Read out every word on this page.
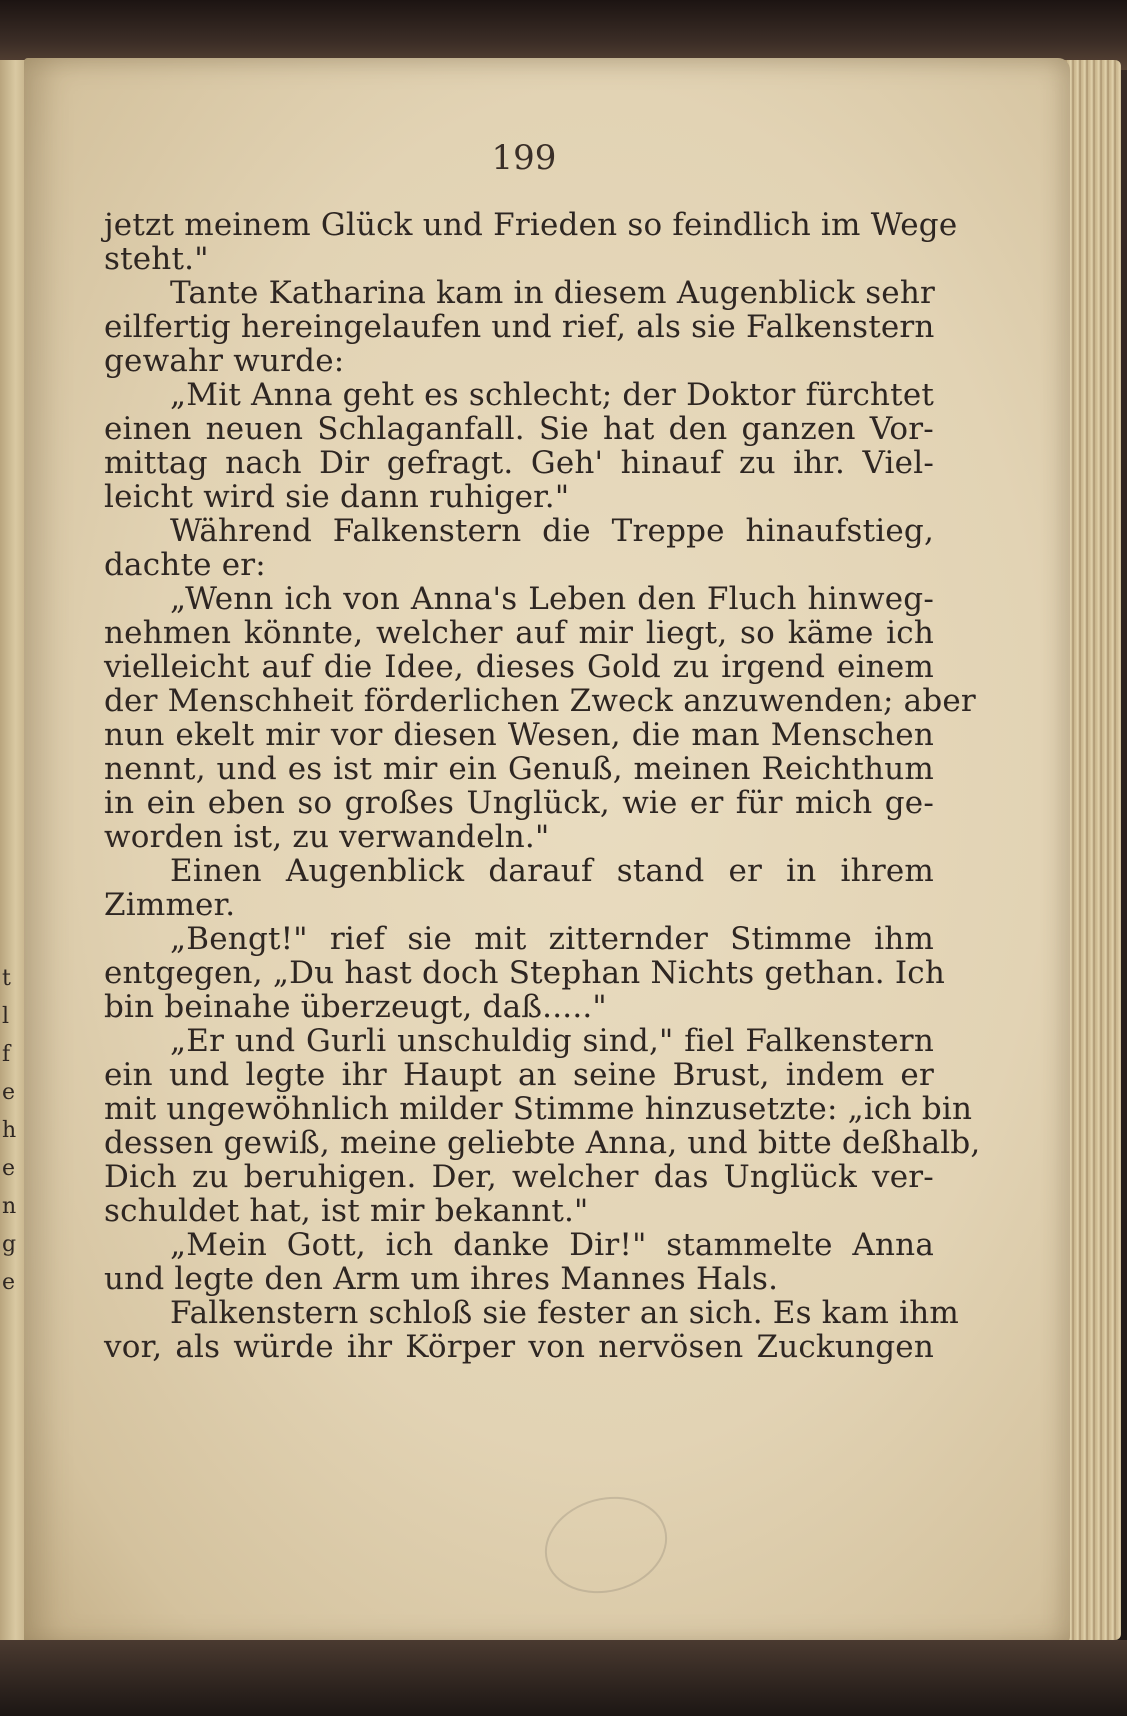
t
l
f
e
h
e
n
g
e
199
jetzt meinem Glück und Frieden so feindlich im Wege
steht."
Tante Katharina kam in diesem Augenblick sehr
eilfertig hereingelaufen und rief, als sie Falkenstern
gewahr wurde:
„Mit Anna geht es schlecht; der Doktor fürchtet
einen neuen Schlaganfall. Sie hat den ganzen Vor-
mittag nach Dir gefragt. Geh' hinauf zu ihr. Viel-
leicht wird sie dann ruhiger."
Während Falkenstern die Treppe hinaufstieg,
dachte er:
„Wenn ich von Anna's Leben den Fluch hinweg-
nehmen könnte, welcher auf mir liegt, so käme ich
vielleicht auf die Idee, dieses Gold zu irgend einem
der Menschheit förderlichen Zweck anzuwenden; aber
nun ekelt mir vor diesen Wesen, die man Menschen
nennt, und es ist mir ein Genuß, meinen Reichthum
in ein eben so großes Unglück, wie er für mich ge-
worden ist, zu verwandeln."
Einen Augenblick darauf stand er in ihrem
Zimmer.
„Bengt!" rief sie mit zitternder Stimme ihm
entgegen, „Du hast doch Stephan Nichts gethan. Ich
bin beinahe überzeugt, daß....."
„Er und Gurli unschuldig sind," fiel Falkenstern
ein und legte ihr Haupt an seine Brust, indem er
mit ungewöhnlich milder Stimme hinzusetzte: „ich bin
dessen gewiß, meine geliebte Anna, und bitte deßhalb,
Dich zu beruhigen. Der, welcher das Unglück ver-
schuldet hat, ist mir bekannt."
„Mein Gott, ich danke Dir!" stammelte Anna
und legte den Arm um ihres Mannes Hals.
Falkenstern schloß sie fester an sich. Es kam ihm
vor, als würde ihr Körper von nervösen Zuckungen
